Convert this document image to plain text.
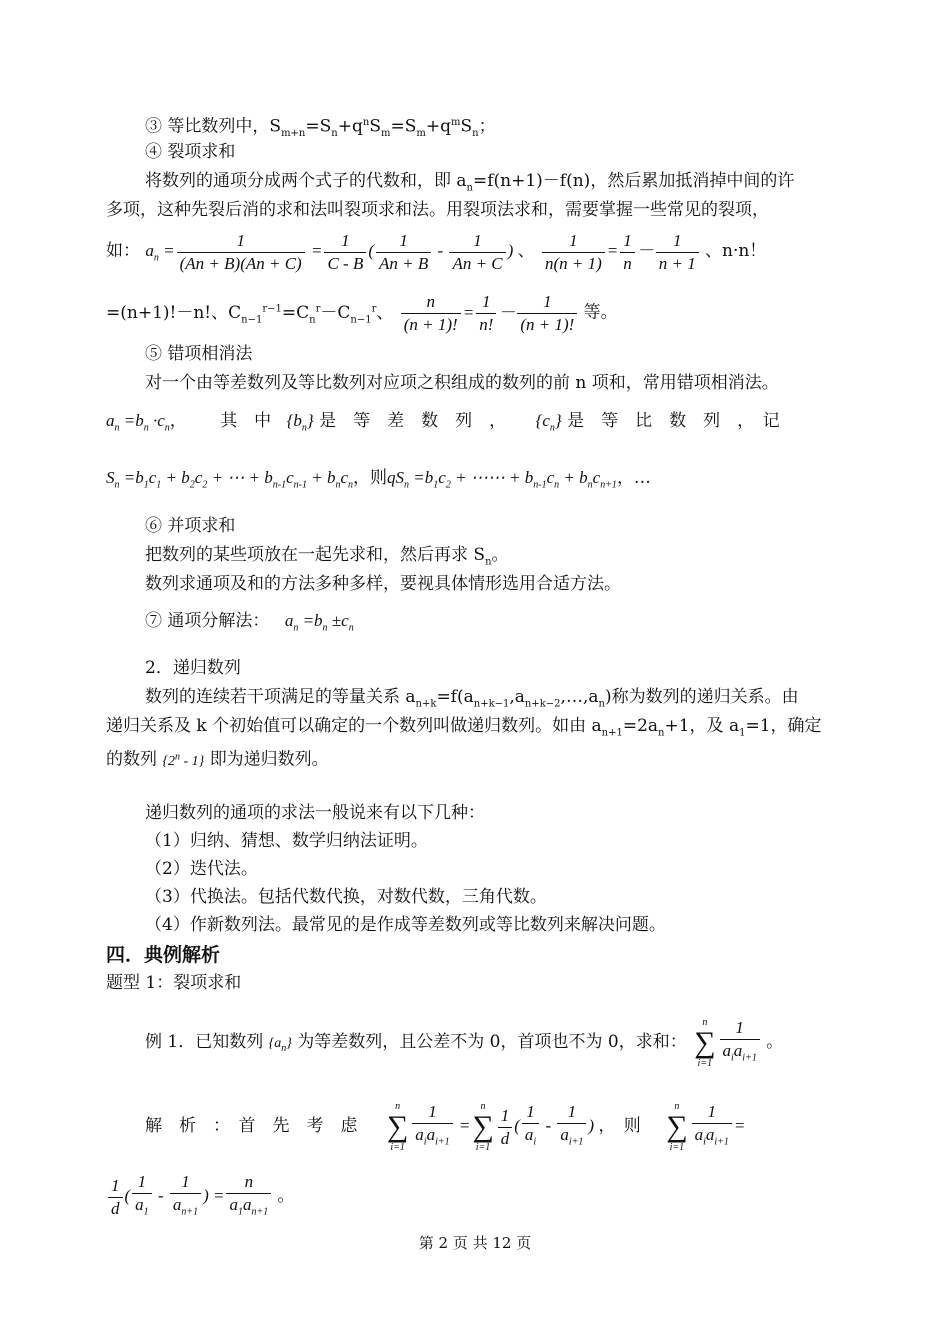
③ 等比数列中，$S_{m+n}=S_n+q^nS_m=S_m+q^mS_n$；
④ 裂项求和
将数列的通项分成两个式子的代数和，即 $a_n=f(n+1)-f(n)$，然后累加抵消掉中间的许
多项，这种先裂后消的求和法叫裂项求和法。用裂项法求和，需要掌握一些常见的裂项，
如： $a_n = \frac{1}{(An + B)(An + C)} = \frac{1}{C - B}$ ( $\frac{1}{An + B} - \frac{1}{An + C}$ ) 、 $\frac{1}{n(n + 1)} = \frac{1}{n} - \frac{1}{n + 1}$ 、n·n！
=(n+1)!－n!、$C_{n-1}^{r-1}=C_n^r-C_{n-1}^r$、 $\frac{n}{(n + 1)!} = \frac{1}{n!} - \frac{1}{(n + 1)!}$ 等。
⑤ 错项相消法
对一个由等差数列及等比数列对应项之积组成的数列的前 n 项和，常用错项相消法。
$a_n =b_n \cdot c_n$， 其　中 $\{b_n\}$ 是　等　差　数　列　， $\{c_n\}$ 是　等　比　数　列　，　记
$S_n =b_1c_1 + b_2c_2$ + ⋯ + $b_{n-1}c_{n-1} + b_nc_n$，则$qS_n =b_1c_2$ + ⋯⋯ + $b_{n-1}c_n + b_nc_{n+1}$，…
⑥ 并项求和
把数列的某些项放在一起先求和，然后再求 $S_n$。
数列求通项及和的方法多种多样，要视具体情形选用合适方法。
⑦ 通项分解法： $a_n =b_n \pm c_n$
2．递归数列
数列的连续若干项满足的等量关系 $a_{n+k}=f(a_{n+k-1},a_{n+k-2},\dots,a_n)$称为数列的递归关系。由
递归关系及 k 个初始值可以确定的一个数列叫做递归数列。如由 $a_{n+1}=2a_n+1$，及 $a_1=1$，确定
的数列 {2$^n$ - 1} 即为递归数列。
递归数列的通项的求法一般说来有以下几种：
（1）归纳、猜想、数学归纳法证明。
（2）迭代法。
（3）代换法。包括代数代换，对数代数，三角代数。
（4）作新数列法。最常见的是作成等差数列或等比数列来解决问题。
四．典例解析
题型 1：裂项求和
例 1．已知数列 $\{a_n\}$ 为等差数列，且公差不为 0，首项也不为 0，求和：
n
∑
$i=1 \frac{1}{a_ia_{i+1}}$ 。
解　析　：　首　先　考　虑
n
∑
$i=1 \frac{1}{a_ia_{i+1}}$ =
n
∑
$i=1 \frac{1}{d}$ ( $\frac{1}{a_i} - \frac{1}{a_{i+1}}$ ) ，　则
n
∑
$i=1 \frac{1}{a_ia_{i+1}}$ =
$\frac{1}{d}$ ( $\frac{1}{a_1} - \frac{1}{a_{n+1}}$ ) = $\frac{n}{a_1a_{n+1}}$ 。
第 2 页 共 12 页
